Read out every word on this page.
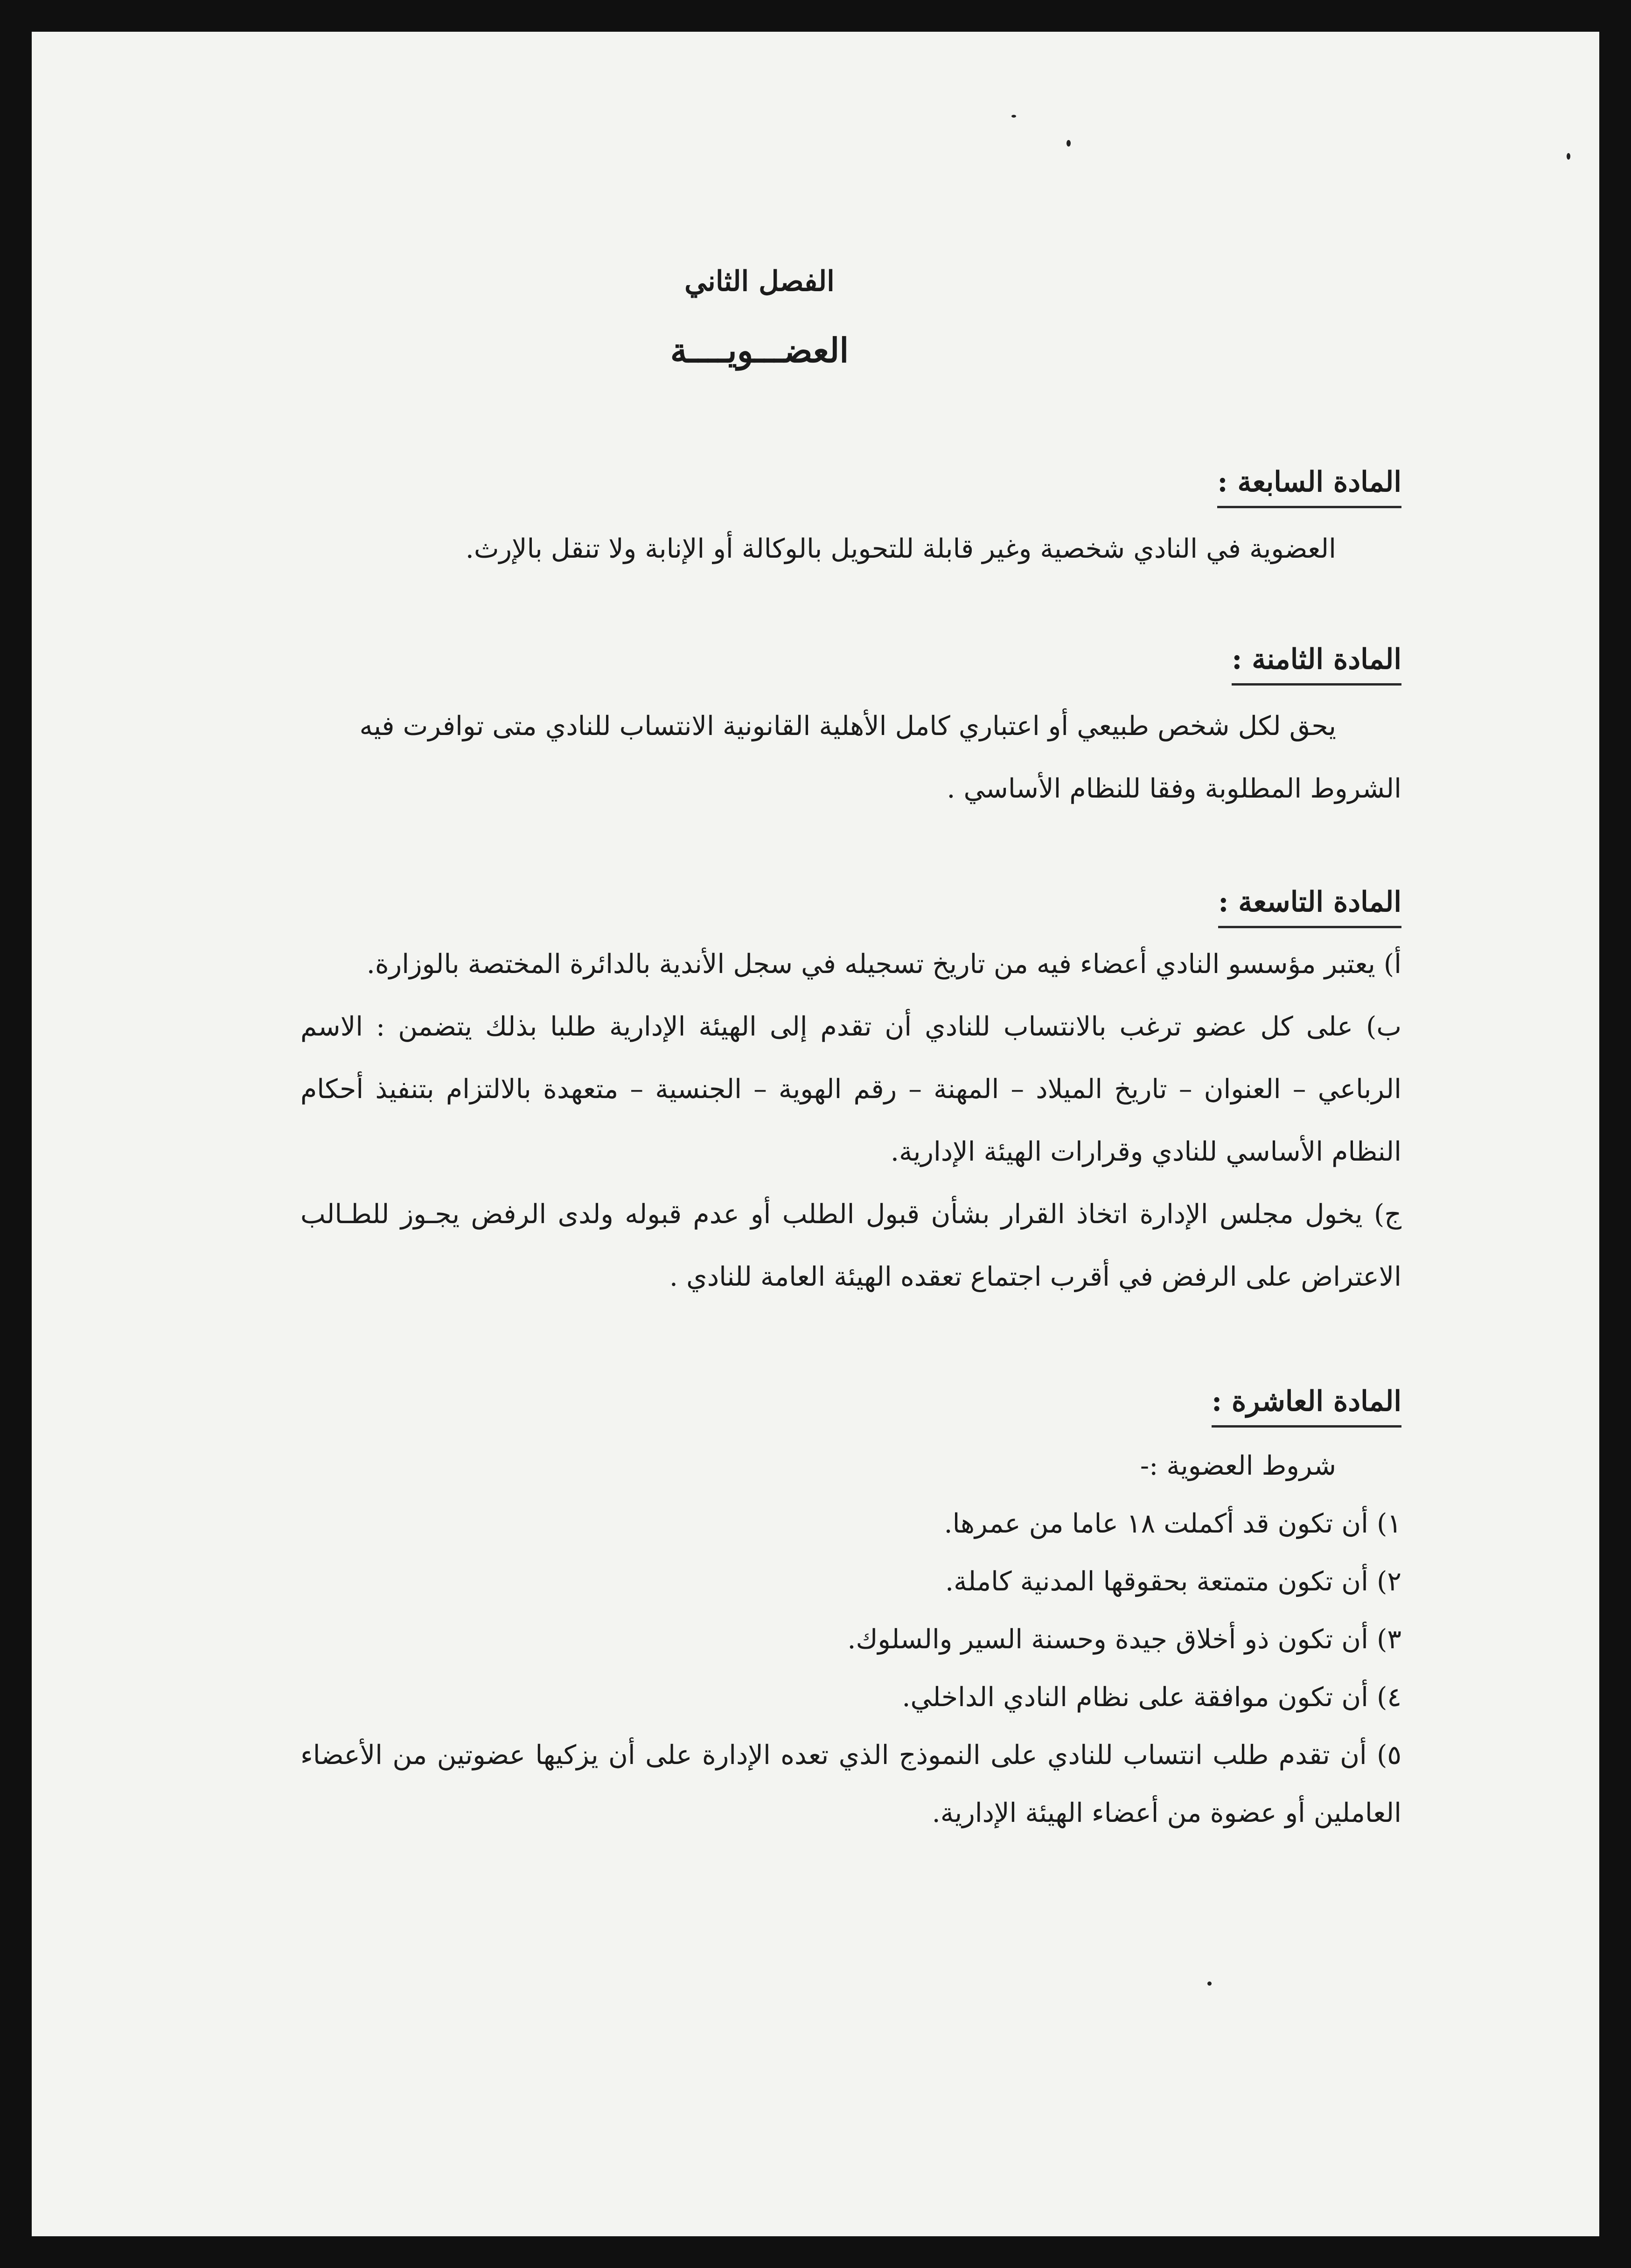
الفصل الثاني
العضـــويــــة
المادة السابعة :

العضوية في النادي شخصية وغير قابلة للتحويل بالوكالة أو الإنابة ولا تنقل بالإرث.

المادة الثامنة :

يحق لكل شخص طبيعي أو اعتباري كامل الأهلية القانونية الانتساب للنادي متى توافرت فيه

الشروط المطلوبة وفقا للنظام الأساسي .

المادة التاسعة :

أ) يعتبر مؤسسو النادي أعضاء فيه من تاريخ تسجيله في سجل الأندية بالدائرة المختصة بالوزارة.

ب) على كل عضو ترغب بالانتساب للنادي أن تقدم إلى الهيئة الإدارية طلبا بذلك يتضمن : الاسم الرباعي – العنوان – تاريخ الميلاد – المهنة – رقم الهوية – الجنسية – متعهدة بالالتزام بتنفيذ أحكام النظام الأساسي للنادي وقرارات الهيئة الإدارية.

ج) يخول مجلس الإدارة اتخاذ القرار بشأن قبول الطلب أو عدم قبوله ولدى الرفض يجـوز للطـالب الاعتراض على الرفض في أقرب اجتماع تعقده الهيئة العامة للنادي .

المادة العاشرة :

شروط العضوية :-

١) أن تكون قد أكملت ١٨ عاما من عمرها.

٢) أن تكون متمتعة بحقوقها المدنية كاملة.

٣) أن تكون ذو أخلاق جيدة وحسنة السير والسلوك.

٤) أن تكون موافقة على نظام النادي الداخلي.

٥) أن تقدم طلب انتساب للنادي على النموذج الذي تعده الإدارة على أن يزكيها عضوتين من الأعضاء العاملين أو عضوة من أعضاء الهيئة الإدارية.
